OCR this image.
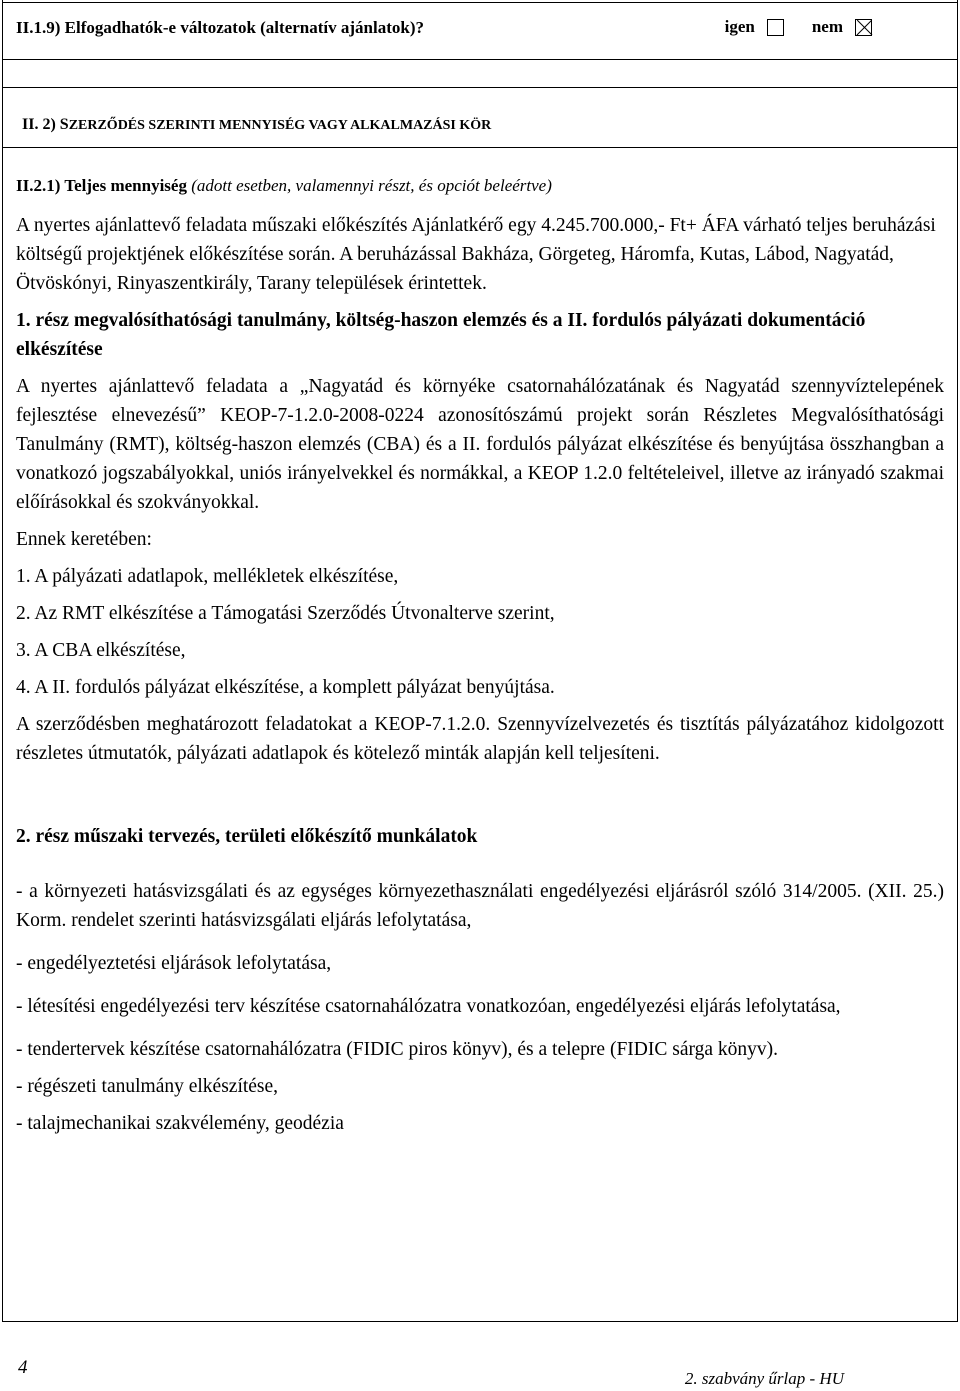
II.1.9) Elfogadhatók-e változatok (alternatív ajánlatok)?	igen	nem
II. 2) SZERZŐDÉS SZERINTI MENNYISÉG VAGY ALKALMAZÁSI KÖR
II.2.1) Teljes mennyiség (adott esetben, valamennyi részt, és opciót beleértve)

A nyertes ajánlattevő feladata műszaki előkészítés Ajánlatkérő egy 4.245.700.000,- Ft+ ÁFA várható teljes beruházási költségű projektjének előkészítése során. A beruházással Bakháza, Görgeteg, Háromfa, Kutas, Lábod, Nagyatád, Ötvöskónyi, Rinyaszentkirály, Tarany települések érintettek.

1. rész megvalósíthatósági tanulmány, költség-haszon elemzés és a II. fordulós pályázati dokumentáció elkészítése

A nyertes ajánlattevő feladata a „Nagyatád és környéke csatornahálózatának és Nagyatád szennyvíztelepének fejlesztése elnevezésű” KEOP-7-1.2.0-2008-0224 azonosítószámú projekt során Részletes Megvalósíthatósági Tanulmány (RMT), költség-haszon elemzés (CBA) és a II. fordulós pályázat elkészítése és benyújtása összhangban a vonatkozó jogszabályokkal, uniós irányelvekkel és normákkal, a KEOP 1.2.0 feltételeivel, illetve az irányadó szakmai előírásokkal és szokványokkal.

Ennek keretében:

1. A pályázati adatlapok, mellékletek elkészítése,

2. Az RMT elkészítése a Támogatási Szerződés Útvonalterve szerint,

3. A CBA elkészítése,

4. A II. fordulós pályázat elkészítése, a komplett pályázat benyújtása.

A szerződésben meghatározott feladatokat a KEOP-7.1.2.0. Szennyvízelvezetés és tisztítás pályázatához kidolgozott részletes útmutatók, pályázati adatlapok és kötelező minták alapján kell teljesíteni.

2. rész műszaki tervezés, területi előkészítő munkálatok

- a környezeti hatásvizsgálati és az egységes környezethasználati engedélyezési eljárásról szóló 314/2005. (XII. 25.) Korm. rendelet szerinti hatásvizsgálati eljárás lefolytatása,

- engedélyeztetési eljárások lefolytatása,

- létesítési engedélyezési terv készítése csatornahálózatra vonatkozóan, engedélyezési eljárás lefolytatása,

- tendertervek készítése csatornahálózatra (FIDIC piros könyv), és a telepre (FIDIC sárga könyv).

- régészeti tanulmány elkészítése,

- talajmechanikai szakvélemény, geodézia

4
2. szabvány űrlap - HU
